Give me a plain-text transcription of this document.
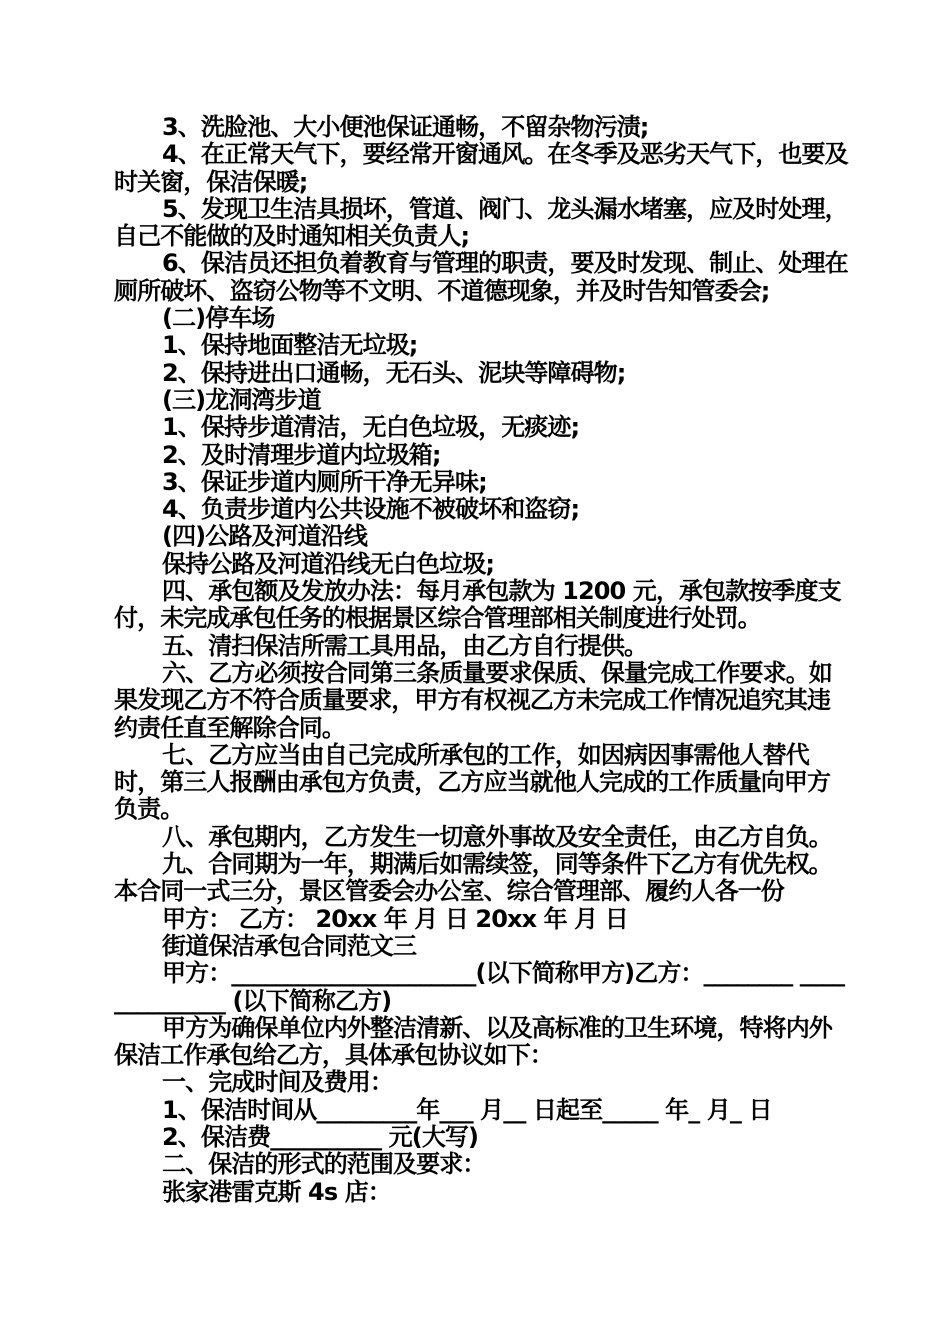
3、洗脸池、大小便池保证通畅，不留杂物污渍;

4、在正常天气下，要经常开窗通风。在冬季及恶劣天气下，也要及时关窗，保洁保暖;

5、发现卫生洁具损坏，管道、阀门、龙头漏水堵塞，应及时处理，自己不能做的及时通知相关负责人;

6、保洁员还担负着教育与管理的职责，要及时发现、制止、处理在厕所破坏、盗窃公物等不文明、不道德现象，并及时告知管委会;

(二)停车场

1、保持地面整洁无垃圾;

2、保持进出口通畅，无石头、泥块等障碍物;

(三)龙洞湾步道

1、保持步道清洁，无白色垃圾，无痰迹;

2、及时清理步道内垃圾箱;

3、保证步道内厕所干净无异味;

4、负责步道内公共设施不被破坏和盗窃;

(四)公路及河道沿线

保持公路及河道沿线无白色垃圾;

四、承包额及发放办法：每月承包款为 1200 元，承包款按季度支付，未完成承包任务的根据景区综合管理部相关制度进行处罚。

五、清扫保洁所需工具用品，由乙方自行提供。

六、乙方必须按合同第三条质量要求保质、保量完成工作要求。如果发现乙方不符合质量要求，甲方有权视乙方未完成工作情况追究其违约责任直至解除合同。

七、乙方应当由自己完成所承包的工作，如因病因事需他人替代时，第三人报酬由承包方负责，乙方应当就他人完成的工作质量向甲方负责。

八、承包期内，乙方发生一切意外事故及安全责任，由乙方自负。

九、合同期为一年，期满后如需续签，同等条件下乙方有优先权。

本合同一式三分，景区管委会办公室、综合管理部、履约人各一份

甲方： 乙方： 20xx 年 月 日 20xx 年 月 日

街道保洁承包合同范文三

甲方：______________________(以下简称甲方)乙方：________ ______________ (以下简称乙方)

甲方为确保单位内外整洁清新、以及高标准的卫生环境，特将内外保洁工作承包给乙方，具体承包协议如下：

一、完成时间及费用：

1、保洁时间从_________年___ 月__ 日起至_____ 年_ 月_ 日

2、保洁费__________ 元(大写)

二、保洁的形式的范围及要求：

张家港雷克斯 4s 店：
